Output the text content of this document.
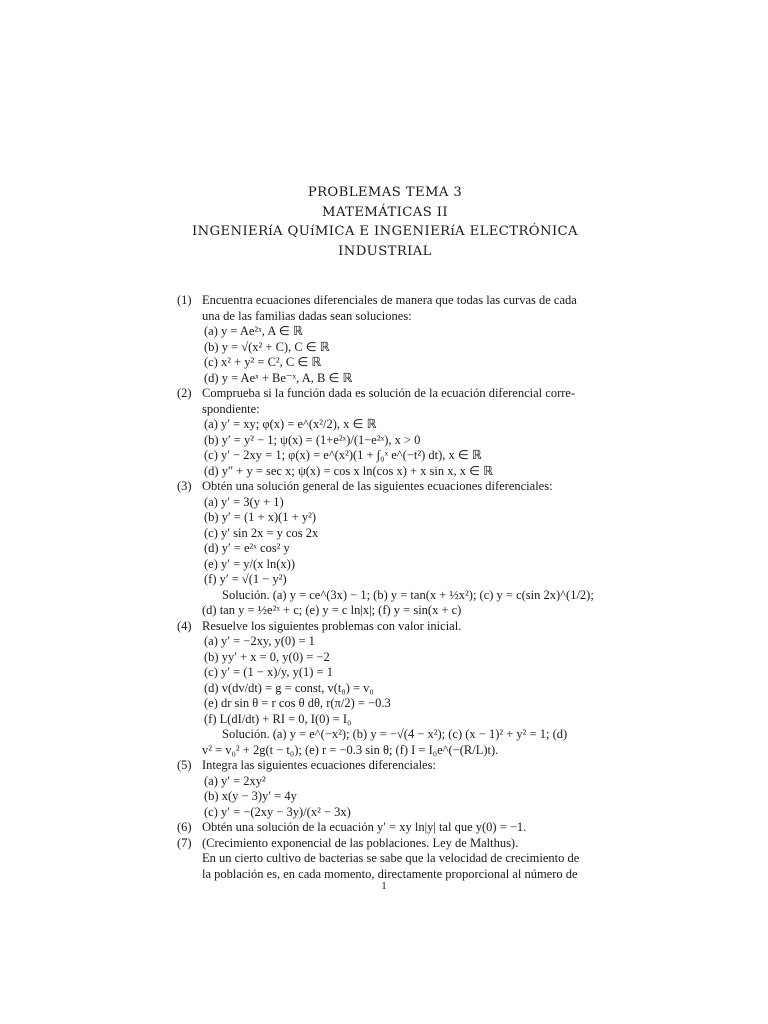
PROBLEMAS TEMA 3
MATEMÁTICAS II
INGENIERíA QUíMICA E INGENIERíA ELECTRÓNICA
INDUSTRIAL
(1) Encuentra ecuaciones diferenciales de manera que todas las curvas de cada
una de las familias dadas sean soluciones:
(a) y = Ae²ˣ, A ∈ ℝ
(b) y = √(x² + C), C ∈ ℝ
(c) x² + y² = C², C ∈ ℝ
(d) y = Aeˣ + Be⁻ˣ, A, B ∈ ℝ
(2) Comprueba si la función dada es solución de la ecuación diferencial corre-
spondiente:
(a) y′ = xy; φ(x) = e^(x²/2), x ∈ ℝ
(b) y′ = y² − 1; ψ(x) = (1+e²ˣ)/(1−e²ˣ), x > 0
(c) y′ − 2xy = 1; φ(x) = e^(x²)(1 + ∫₀ˣ e^(−t²) dt), x ∈ ℝ
(d) y″ + y = sec x; ψ(x) = cos x ln(cos x) + x sin x, x ∈ ℝ
(3) Obtén una solución general de las siguientes ecuaciones diferenciales:
(a) y′ = 3(y + 1)
(b) y′ = (1 + x)(1 + y²)
(c) y′ sin 2x = y cos 2x
(d) y′ = e²ˣ cos² y
(e) y′ = y/(x ln(x))
(f) y′ = √(1 − y²)
Solución. (a) y = ce^(3x) − 1; (b) y = tan(x + ½x²); (c) y = c(sin 2x)^(1/2);
(d) tan y = ½e²ˣ + c; (e) y = c ln|x|; (f) y = sin(x + c)
(4) Resuelve los siguientes problemas con valor inicial.
(a) y′ = −2xy, y(0) = 1
(b) yy′ + x = 0, y(0) = −2
(c) y′ = (1 − x)/y, y(1) = 1
(d) v(dv/dt) = g = const, v(t₀) = v₀
(e) dr sin θ = r cos θ dθ, r(π/2) = −0.3
(f) L(dI/dt) + RI = 0, I(0) = I₀
Solución. (a) y = e^(−x²); (b) y = −√(4 − x²); (c) (x − 1)² + y² = 1; (d)
v² = v₀² + 2g(t − t₀); (e) r = −0.3 sin θ; (f) I = I₀e^(−(R/L)t).
(5) Integra las siguientes ecuaciones diferenciales:
(a) y′ = 2xy²
(b) x(y − 3)y′ = 4y
(c) y′ = −(2xy − 3y)/(x² − 3x)
(6) Obtén una solución de la ecuación y′ = xy ln|y| tal que y(0) = −1.
(7) (Crecimiento exponencial de las poblaciones. Ley de Malthus).
En un cierto cultivo de bacterias se sabe que la velocidad de crecimiento de
la población es, en cada momento, directamente proporcional al número de
1
